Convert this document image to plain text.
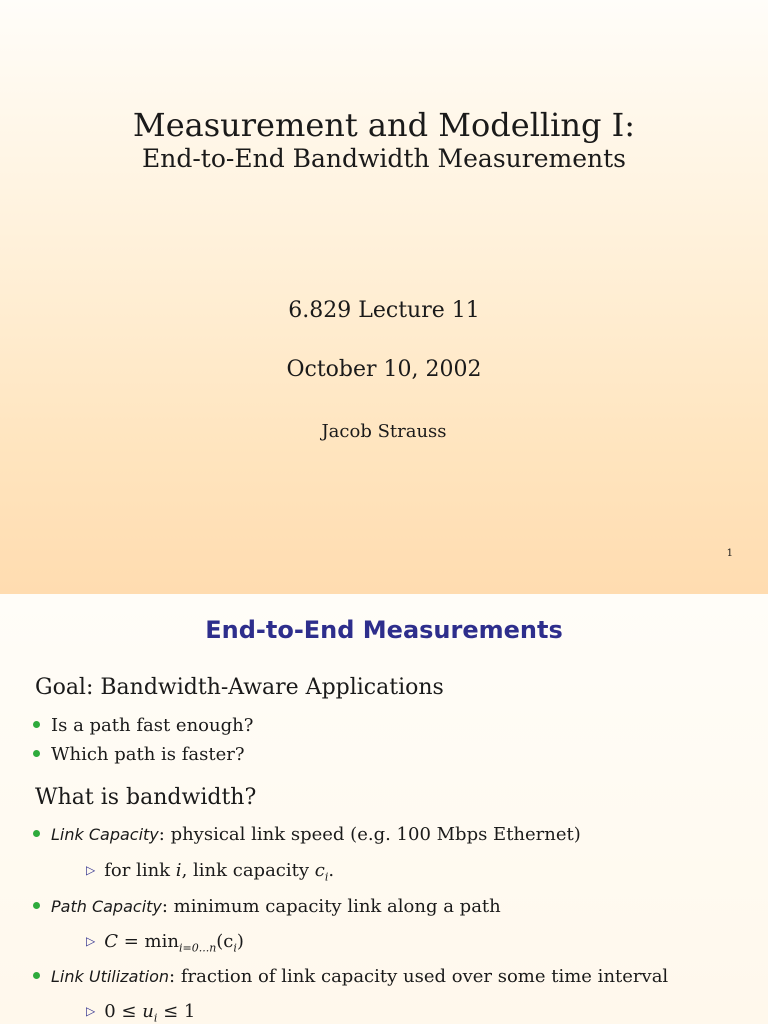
Measurement and Modelling I:
End-to-End Bandwidth Measurements
6.829 Lecture 11
October 10, 2002
Jacob Strauss
1
End-to-End Measurements
Goal: Bandwidth-Aware Applications
Is a path fast enough?
Which path is faster?
What is bandwidth?
Link Capacity: physical link speed (e.g. 100 Mbps Ethernet)
▷ for link i, link capacity $c_i$.
Path Capacity: minimum capacity link along a path
▷ $C = \min_{i=0...n}(c_i)$
Link Utilization: fraction of link capacity used over some time interval
▷ $0 \le u_i \le 1$
